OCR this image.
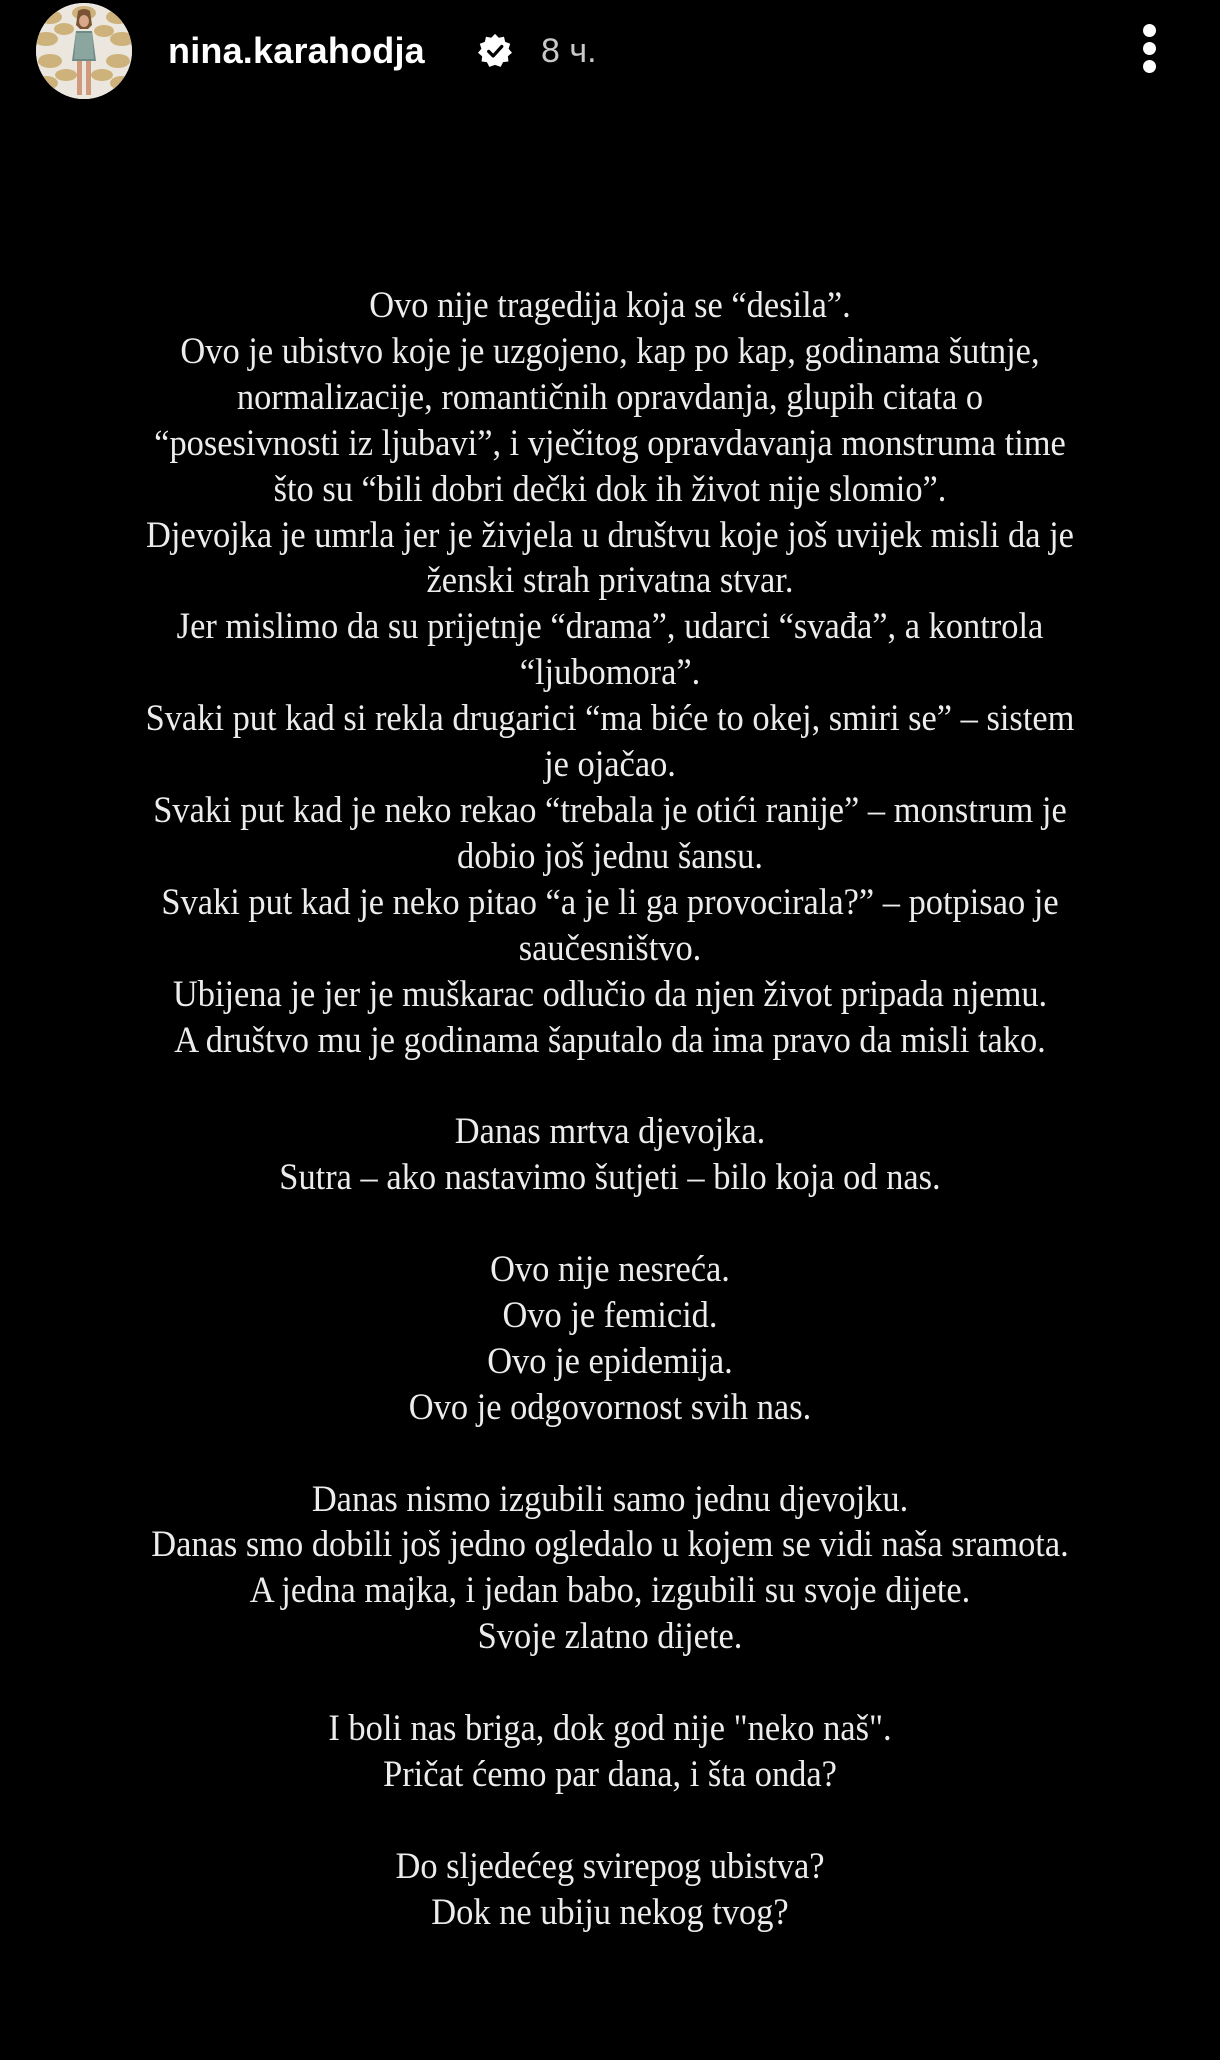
nina.karahodja	8 ч.
Ovo nije tragedija koja se “desila”.
Ovo je ubistvo koje je uzgojeno, kap po kap, godinama šutnje,
normalizacije, romantičnih opravdanja, glupih citata o
“posesivnosti iz ljubavi”, i vječitog opravdavanja monstruma time
što su “bili dobri dečki dok ih život nije slomio”.
Djevojka je umrla jer je živjela u društvu koje još uvijek misli da je
ženski strah privatna stvar.
Jer mislimo da su prijetnje “drama”, udarci “svađa”, a kontrola
“ljubomora”.
Svaki put kad si rekla drugarici “ma biće to okej, smiri se” – sistem
je ojačao.
Svaki put kad je neko rekao “trebala je otići ranije” – monstrum je
dobio još jednu šansu.
Svaki put kad je neko pitao “a je li ga provocirala?” – potpisao je
saučesništvo.
Ubijena je jer je muškarac odlučio da njen život pripada njemu.
A društvo mu je godinama šaputalo da ima pravo da misli tako.
Danas mrtva djevojka.
Sutra – ako nastavimo šutjeti – bilo koja od nas.
Ovo nije nesreća.
Ovo je femicid.
Ovo je epidemija.
Ovo je odgovornost svih nas.
Danas nismo izgubili samo jednu djevojku.
Danas smo dobili još jedno ogledalo u kojem se vidi naša sramota.
A jedna majka, i jedan babo, izgubili su svoje dijete.
Svoje zlatno dijete.
I boli nas briga, dok god nije "neko naš".
Pričat ćemo par dana, i šta onda?
Do sljedećeg svirepog ubistva?
Dok ne ubiju nekog tvog?
